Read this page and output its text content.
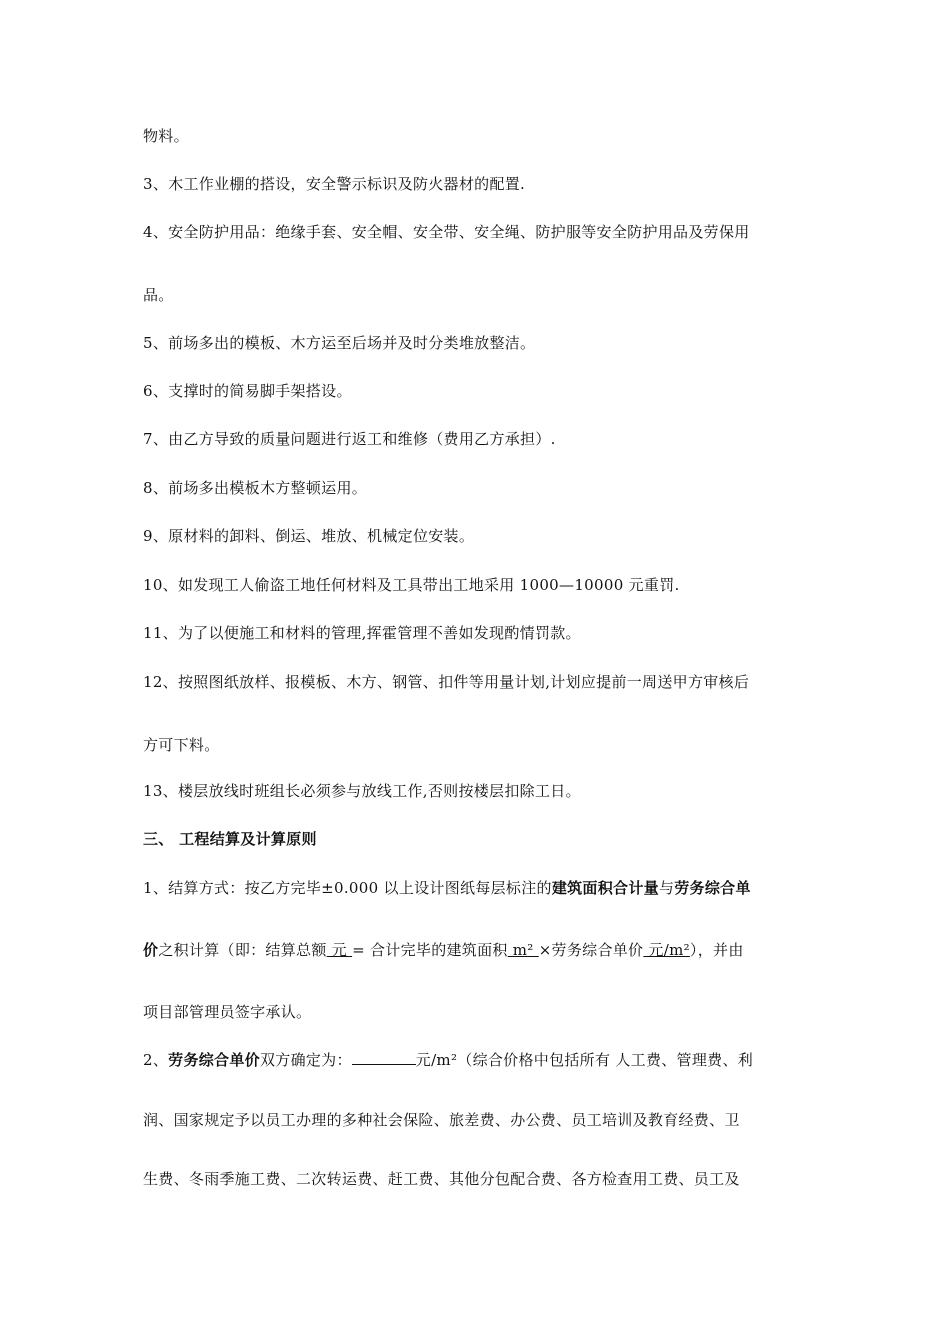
物料。
3、木工作业棚的搭设，安全警示标识及防火器材的配置.
4、安全防护用品：绝缘手套、安全帽、安全带、安全绳、防护服等安全防护用品及劳保用
品。
5、前场多出的模板、木方运至后场并及时分类堆放整洁。
6、支撑时的简易脚手架搭设。
7、由乙方导致的质量问题进行返工和维修（费用乙方承担）.
8、前场多出模板木方整顿运用。
9、原材料的卸料、倒运、堆放、机械定位安装。
10、如发现工人偷盗工地任何材料及工具带出工地采用 1000—10000 元重罚.
11、为了以便施工和材料的管理,挥霍管理不善如发现酌情罚款。
12、按照图纸放样、报模板、木方、钢管、扣件等用量计划,计划应提前一周送甲方审核后
方可下料。
13、楼层放线时班组长必须参与放线工作,否则按楼层扣除工日。
三、 工程结算及计算原则
1、结算方式：按乙方完毕±0.000 以上设计图纸每层标注的建筑面积合计量与劳务综合单
价之积计算（即：结算总额 元 = 合计完毕的建筑面积 m² ×劳务综合单价 元/m²），并由
项目部管理员签字承认。
2、劳务综合单价双方确定为：	元/m²（综合价格中包括所有 人工费、管理费、利
润、国家规定予以员工办理的多种社会保险、旅差费、办公费、员工培训及教育经费、卫
生费、冬雨季施工费、二次转运费、赶工费、其他分包配合费、各方检查用工费、员工及
